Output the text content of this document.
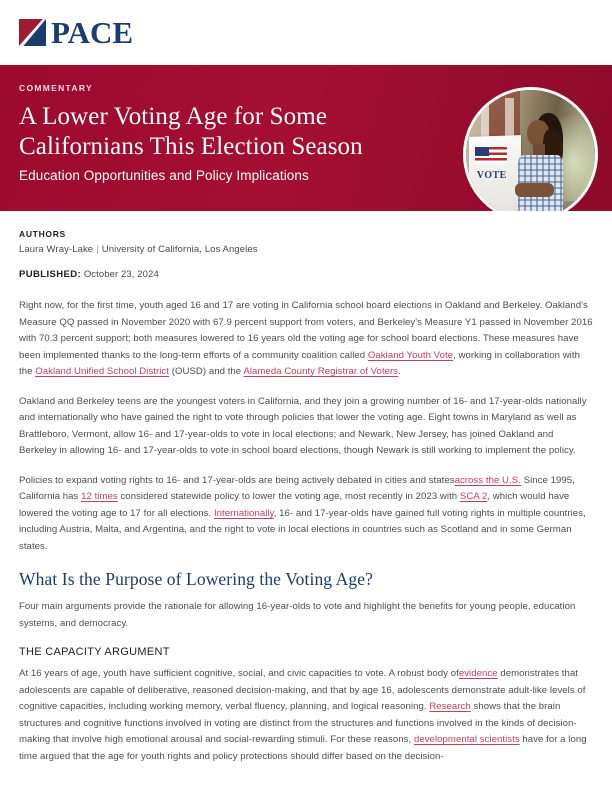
PACE
COMMENTARY
A Lower Voting Age for Some Californians This Election Season

Education Opportunities and Policy Implications	VOTE
AUTHORS
Laura Wray-Lake | University of California, Los Angeles
PUBLISHED: October 23, 2024

Right now, for the first time, youth aged 16 and 17 are voting in California school board elections in Oakland and Berkeley. Oakland's Measure QQ passed in November 2020 with 67.9 percent support from voters, and Berkeley's Measure Y1 passed in November 2016 with 70.3 percent support; both measures lowered to 16 years old the voting age for school board elections. These measures have been implemented thanks to the long-term efforts of a community coalition called Oakland Youth Vote, working in collaboration with the Oakland Unified School District (OUSD) and the Alameda County Registrar of Voters.

Oakland and Berkeley teens are the youngest voters in California, and they join a growing number of 16- and 17-year-olds nationally and internationally who have gained the right to vote through policies that lower the voting age. Eight towns in Maryland as well as Brattleboro, Vermont, allow 16- and 17-year-olds to vote in local elections; and Newark, New Jersey, has joined Oakland and Berkeley in allowing 16- and 17-year-olds to vote in school board elections, though Newark is still working to implement the policy.

Policies to expand voting rights to 16- and 17-year-olds are being actively debated in cities and statesacross the U.S. Since 1995, California has 12 times considered statewide policy to lower the voting age, most recently in 2023 with SCA 2, which would have lowered the voting age to 17 for all elections. Internationally, 16- and 17-year-olds have gained full voting rights in multiple countries, including Austria, Malta, and Argentina, and the right to vote in local elections in countries such as Scotland and in some German states.

What Is the Purpose of Lowering the Voting Age?

Four main arguments provide the rationale for allowing 16-year-olds to vote and highlight the benefits for young people, education systems, and democracy.

THE CAPACITY ARGUMENT

At 16 years of age, youth have sufficient cognitive, social, and civic capacities to vote. A robust body ofevidence demonstrates that adolescents are capable of deliberative, reasoned decision-making, and that by age 16, adolescents demonstrate adult-like levels of cognitive capacities, including working memory, verbal fluency, planning, and logical reasoning. Research shows that the brain structures and cognitive functions involved in voting are distinct from the structures and functions involved in the kinds of decision-making that involve high emotional arousal and social-rewarding stimuli. For these reasons, developmental scientists have for a long time argued that the age for youth rights and policy protections should differ based on the decision-
